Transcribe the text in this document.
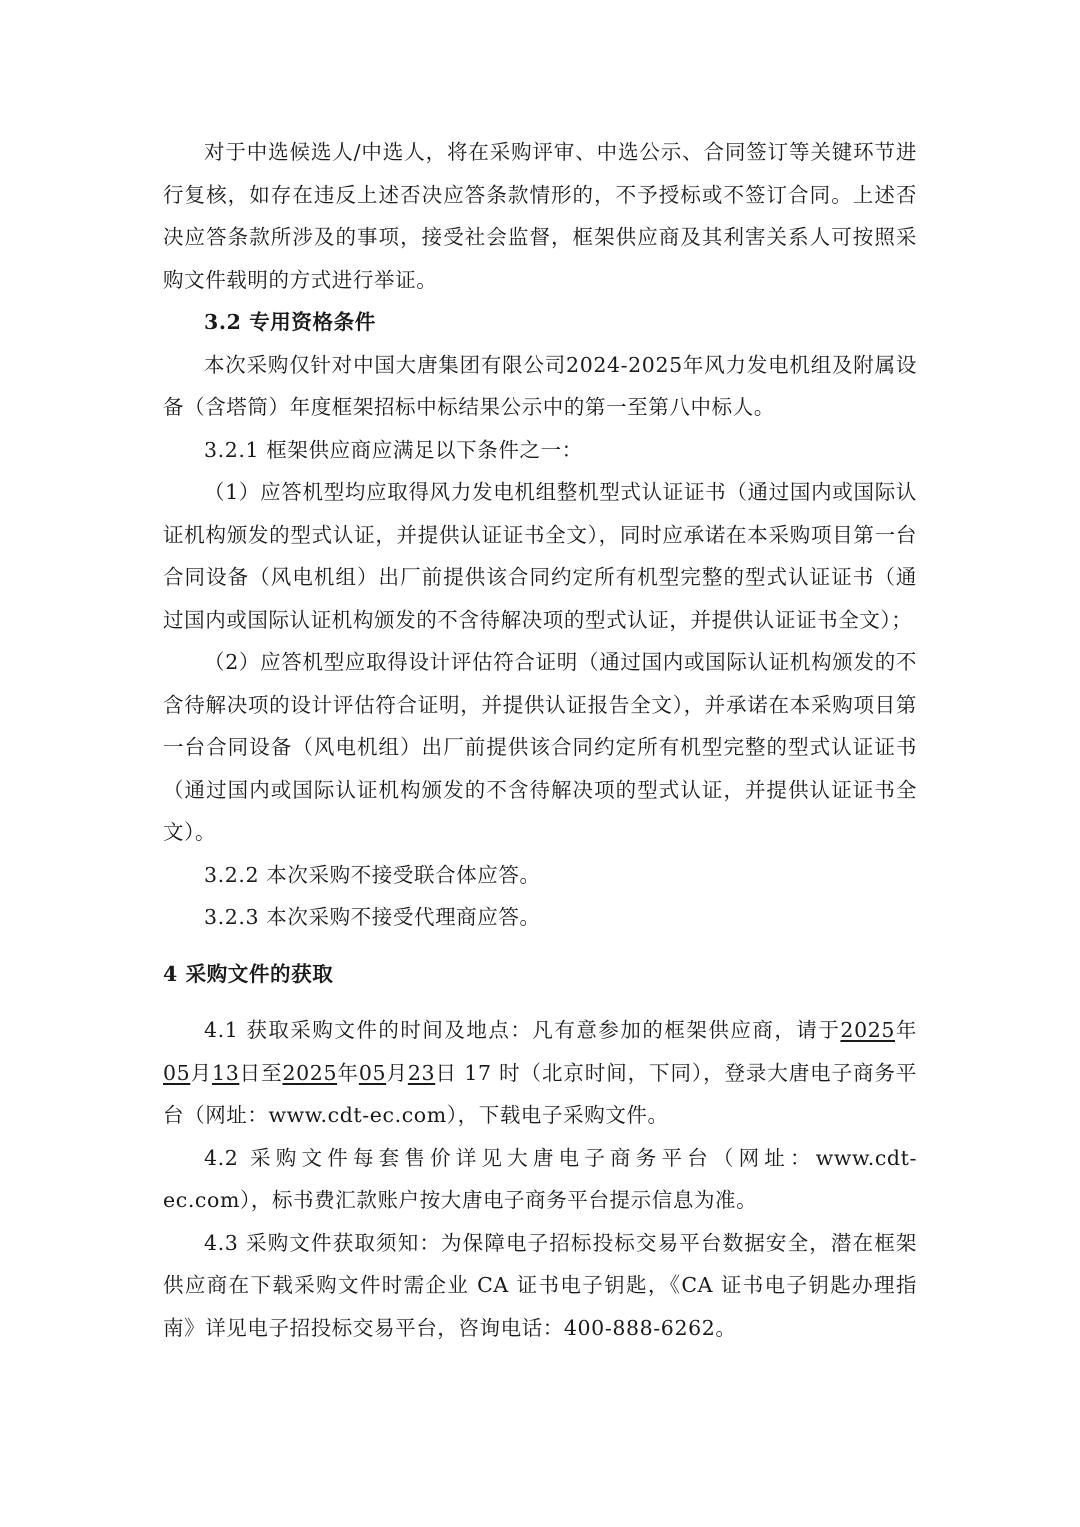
对于中选候选人/中选人，将在采购评审、中选公示、合同签订等关键环节进行复核，如存在违反上述否决应答条款情形的，不予授标或不签订合同。上述否决应答条款所涉及的事项，接受社会监督，框架供应商及其利害关系人可按照采购文件载明的方式进行举证。

3.2 专用资格条件

本次采购仅针对中国大唐集团有限公司2024-2025年风力发电机组及附属设备（含塔筒）年度框架招标中标结果公示中的第一至第八中标人。

3.2.1 框架供应商应满足以下条件之一：

（1）应答机型均应取得风力发电机组整机型式认证证书（通过国内或国际认证机构颁发的型式认证，并提供认证证书全文），同时应承诺在本采购项目第一台合同设备（风电机组）出厂前提供该合同约定所有机型完整的型式认证证书（通过国内或国际认证机构颁发的不含待解决项的型式认证，并提供认证证书全文）；

（2）应答机型应取得设计评估符合证明（通过国内或国际认证机构颁发的不含待解决项的设计评估符合证明，并提供认证报告全文），并承诺在本采购项目第一台合同设备（风电机组）出厂前提供该合同约定所有机型完整的型式认证证书（通过国内或国际认证机构颁发的不含待解决项的型式认证，并提供认证证书全文）。

3.2.2 本次采购不接受联合体应答。

3.2.3 本次采购不接受代理商应答。

4 采购文件的获取

4.1 获取采购文件的时间及地点：凡有意参加的框架供应商，请于2025年05月13日至2025年05月23日 17 时（北京时间，下同），登录大唐电子商务平台（网址：www.cdt-ec.com），下载电子采购文件。

4.2 采购文件每套售价详见大唐电子商务平台（网址：www.cdt-ec.com），标书费汇款账户按大唐电子商务平台提示信息为准。

4.3 采购文件获取须知：为保障电子招标投标交易平台数据安全，潜在框架供应商在下载采购文件时需企业 CA 证书电子钥匙，《CA 证书电子钥匙办理指南》详见电子招投标交易平台，咨询电话：400-888-6262。
